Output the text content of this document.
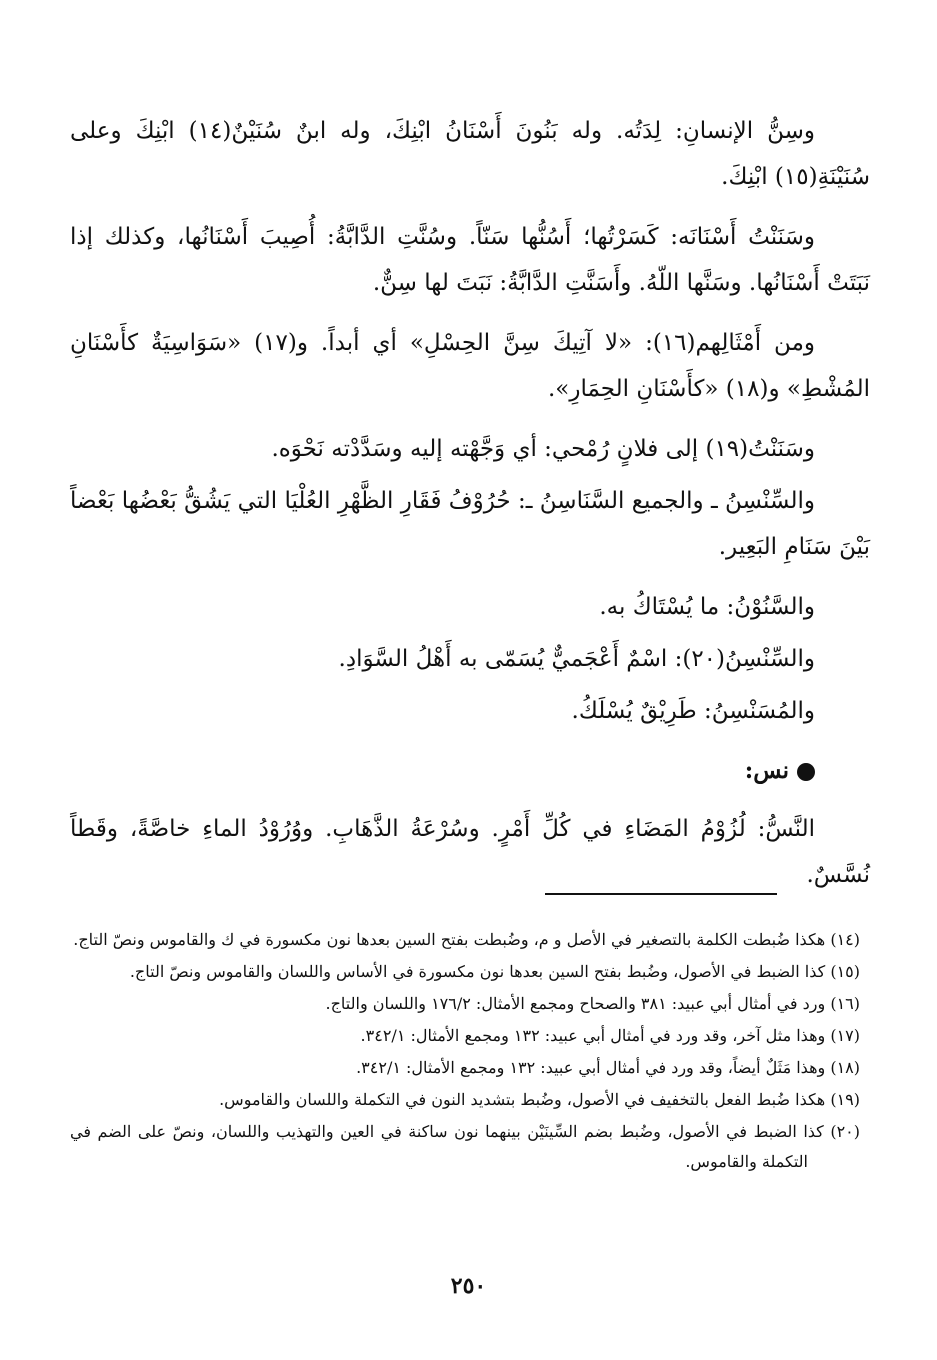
وسِنُّ الإنسانِ: لِدَتُه. وله بَنُونَ أَسْنَانُ ابْنِكَ، وله ابنٌ سُنَيْنٌ(١٤) ابْنِكَ وعلى سُنَيْنَةِ(١٥) ابْنِكَ.

وسَنَنْتُ أَسْنَانَه: كَسَرْتُها؛ أَسُنُّها سَنّاً. وسُنَّتِ الدَّابَّةُ: أُصِيبَ أَسْنَانُها، وكذلك إذا نَبَتَتْ أَسْنَانُها. وسَنَّها اللّهُ. وأَسَنَّتِ الدَّابَّةُ: نَبَتَ لها سِنٌّ.

ومن أَمْثَالِهم(١٦): «لا آتِيكَ سِنَّ الحِسْلِ» أي أبداً. و(١٧) «سَوَاسِيَةٌ كأَسْنَانِ المُشْطِ» و(١٨) «كأَسْنَانِ الحِمَارِ».

وسَنَنْتُ(١٩) إلى فلانٍ رُمْحي: أي وَجَّهْته إليه وسَدَّدْته نَحْوَه.

والسِّنْسِنُ ـ والجميع السَّنَاسِنُ ـ: حُرُوْفُ فَقَارِ الظَّهْرِ العُلْيَا التي يَشُقُّ بَعْضُها بَعْضاً بَيْنَ سَنَامِ البَعِير.

والسَّنُوْنُ: ما يُسْتَاكُ به.

والسِّنْسِنُ(٢٠): اسْمٌ أَعْجَميٌّ يُسَمّى به أَهْلُ السَّوَادِ.

والمُسَنْسِنُ: طَرِيْقٌ يُسْلَكُ.

نس:

النَّسُّ: لُزُوْمُ المَضَاءِ في كُلِّ أَمْرٍ. وسُرْعَةُ الذَّهَابِ. ووُرُوْدُ الماءِ خاصَّةً، وقَطاً نُسَّسٌ.

(١٤) هكذا ضُبطت الكلمة بالتصغير في الأصل و م، وضُبطت بفتح السين بعدها نون مكسورة في ك والقاموس ونصّ التاج.

(١٥) كذا الضبط في الأصول، وضُبط بفتح السين بعدها نون مكسورة في الأساس واللسان والقاموس ونصّ التاج.

(١٦) ورد في أمثال أبي عبيد: ٣٨١ والصحاح ومجمع الأمثال: ١٧٦/٢ واللسان والتاج.

(١٧) وهذا مثل آخر، وقد ورد في أمثال أبي عبيد: ١٣٢ ومجمع الأمثال: ٣٤٢/١.

(١٨) وهذا مَثَلٌ أيضاً، وقد ورد في أمثال أبي عبيد: ١٣٢ ومجمع الأمثال: ٣٤٢/١.

(١٩) هكذا ضُبط الفعل بالتخفيف في الأصول، وضُبط بتشديد النون في التكملة واللسان والقاموس.

(٢٠) كذا الضبط في الأصول، وضُبط بضم السِّينَيْن بينهما نون ساكنة في العين والتهذيب واللسان، ونصّ على الضم في التكملة والقاموس.

٢٥٠
